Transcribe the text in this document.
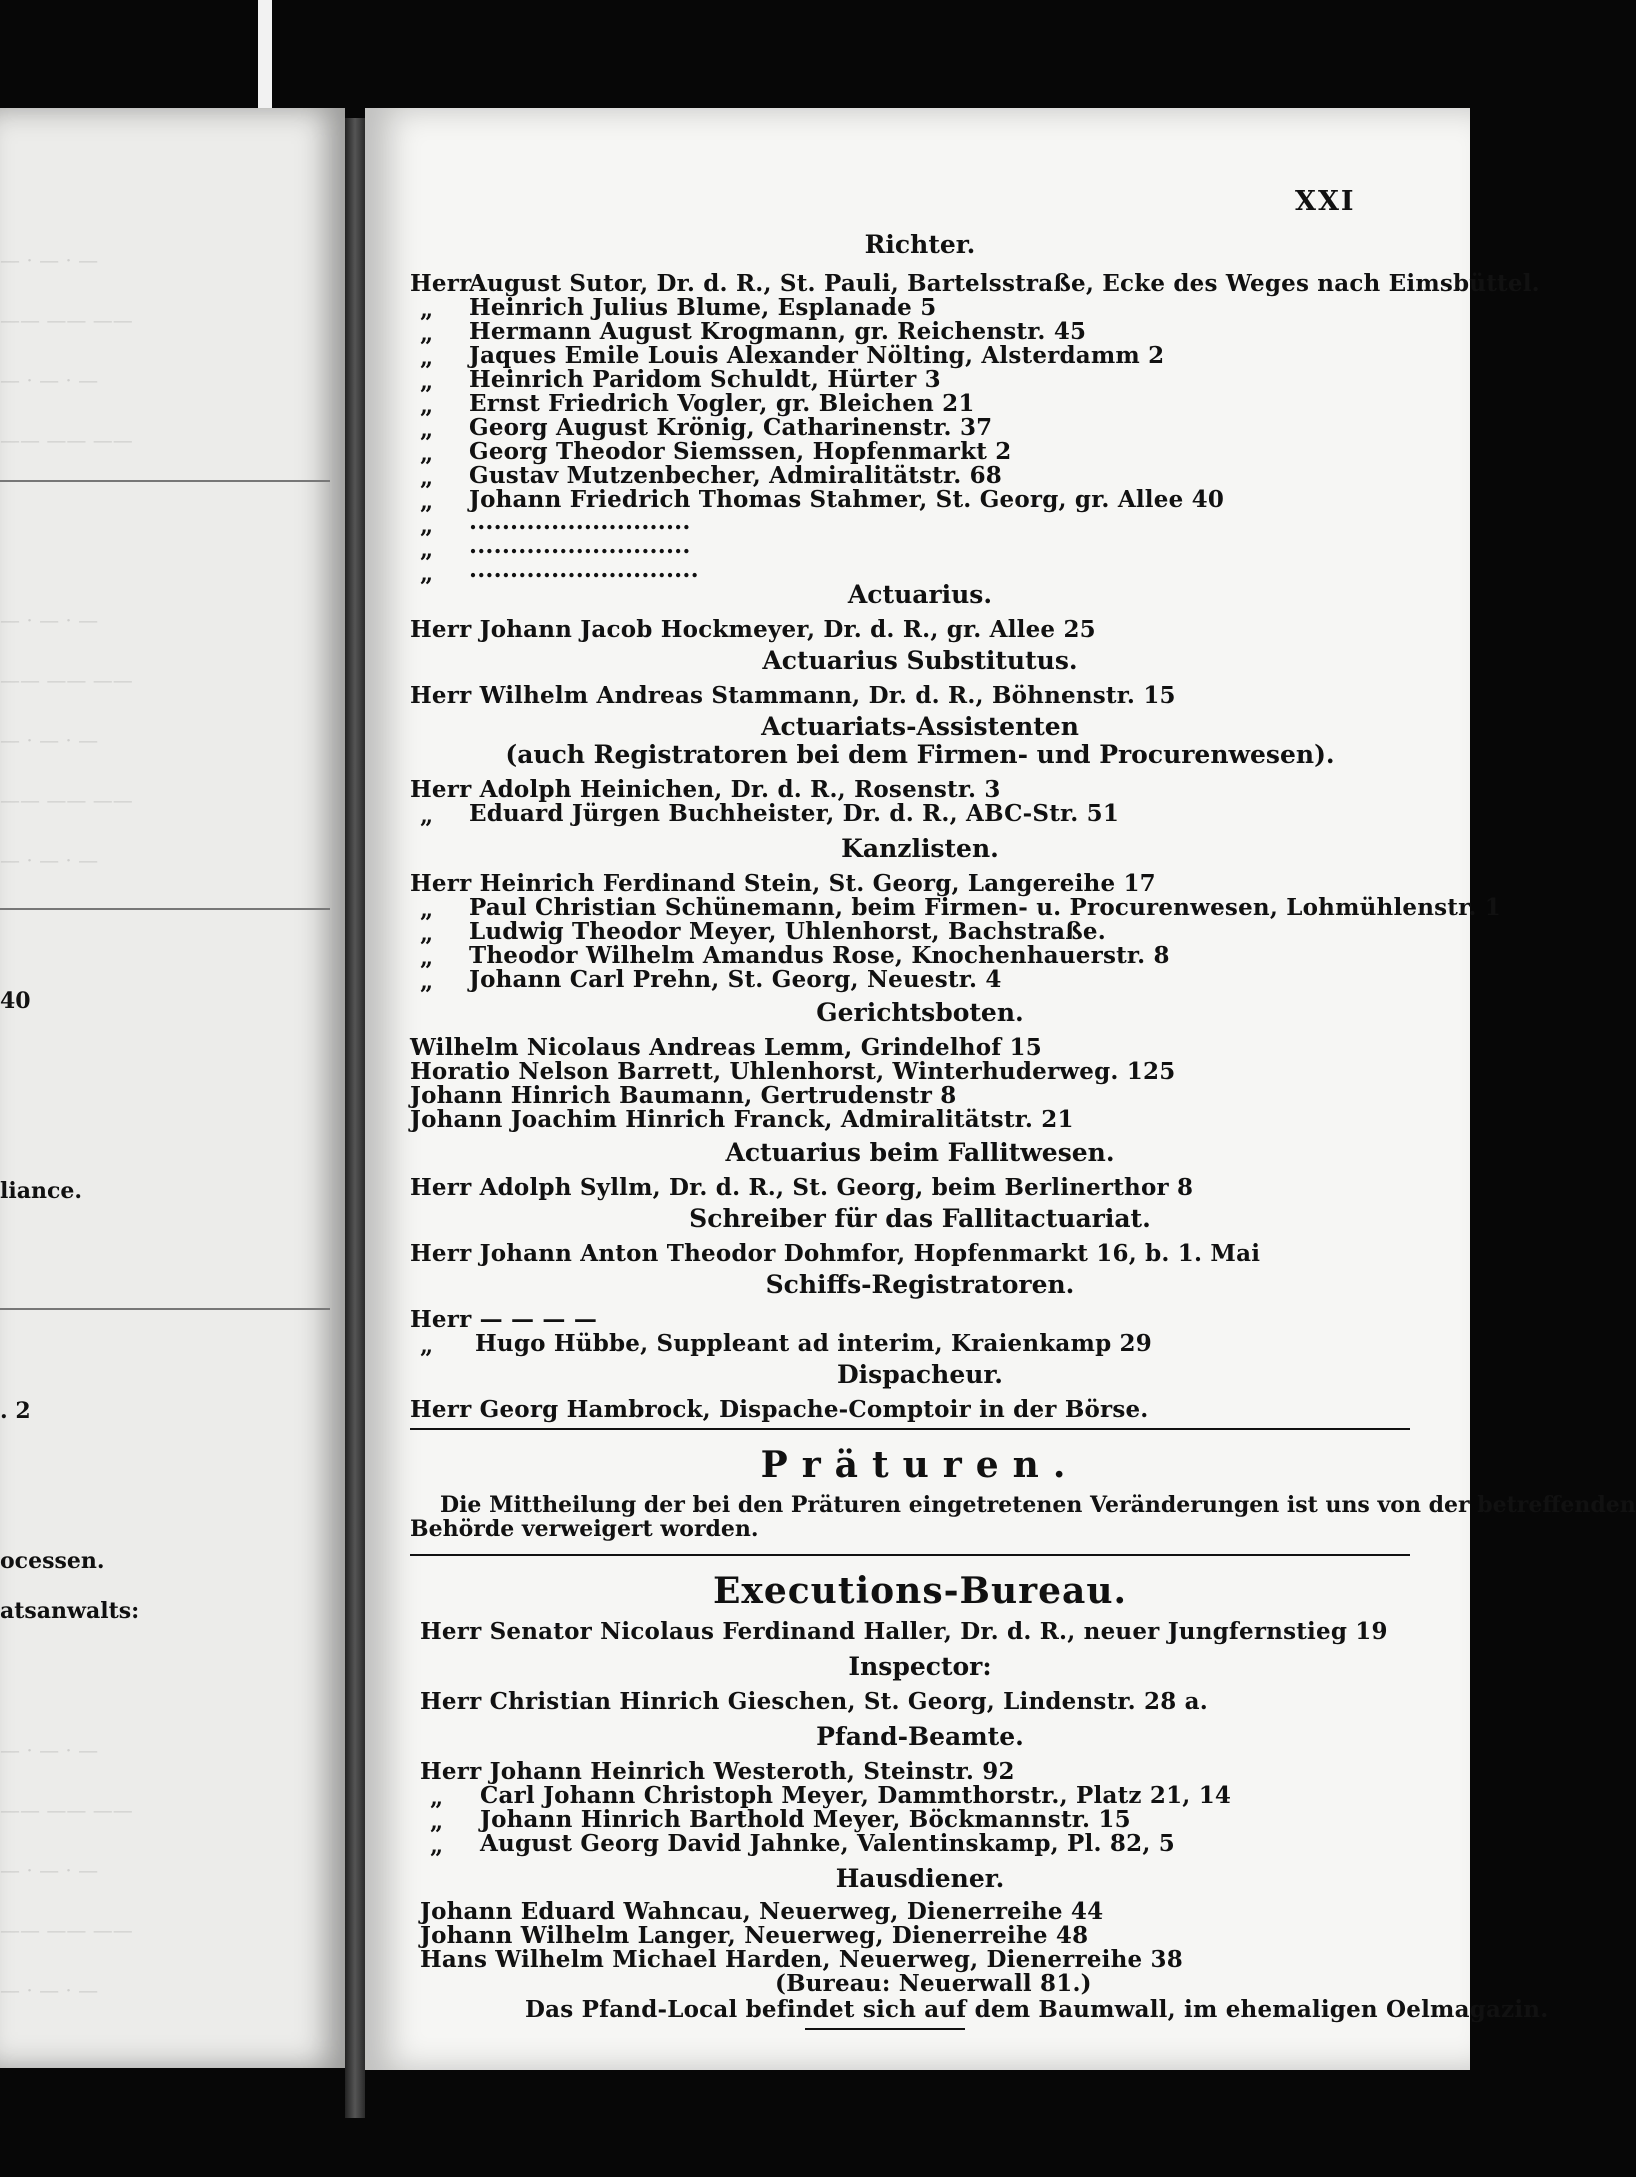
— · — · —
—— —— ——
— · — · —
—— —— ——
— · — · —
—— —— ——
— · — · —
—— —— ——
— · — · —
40
liance.
. 2
ocessen.
atsanwalts:
— · — · —
—— —— ——
— · — · —
—— —— ——
— · — · —
XXI
Richter.
Herr
August Sutor, Dr. d. R., St. Pauli, Bartelsstraße, Ecke des Weges nach Eimsbüttel.
Heinrich Julius Blume, Esplanade 5
Hermann August Krogmann, gr. Reichenstr. 45
Jaques Emile Louis Alexander Nölting, Alsterdamm 2
Heinrich Paridom Schuldt, Hürter 3
Ernst Friedrich Vogler, gr. Bleichen 21
Georg August Krönig, Catharinenstr. 37
Georg Theodor Siemssen, Hopfenmarkt 2
Gustav Mutzenbecher, Admiralitätstr. 68
Johann Friedrich Thomas Stahmer, St. Georg, gr. Allee 40
„
„
„
„
„
„
„
„
„
„
„
„
...........................
...........................
............................
Actuarius.
Herr Johann Jacob Hockmeyer, Dr. d. R., gr. Allee 25
Actuarius Substitutus.
Herr Wilhelm Andreas Stammann, Dr. d. R., Böhnenstr. 15
Actuariats-Assistenten
(auch Registratoren bei dem Firmen- und Procurenwesen).
Herr Adolph Heinichen, Dr. d. R., Rosenstr. 3
„ Eduard Jürgen Buchheister, Dr. d. R., ABC-Str. 51
Kanzlisten.
Herr Heinrich Ferdinand Stein, St. Georg, Langereihe 17
„ Paul Christian Schünemann, beim Firmen- u. Procurenwesen, Lohmühlenstr. 1
„ Ludwig Theodor Meyer, Uhlenhorst, Bachstraße.
„ Theodor Wilhelm Amandus Rose, Knochenhauerstr. 8
„ Johann Carl Prehn, St. Georg, Neuestr. 4
Gerichtsboten.
Wilhelm Nicolaus Andreas Lemm, Grindelhof 15
Horatio Nelson Barrett, Uhlenhorst, Winterhuderweg. 125
Johann Hinrich Baumann, Gertrudenstr 8
Johann Joachim Hinrich Franck, Admiralitätstr. 21
Actuarius beim Fallitwesen.
Herr Adolph Syllm, Dr. d. R., St. Georg, beim Berlinerthor 8
Schreiber für das Fallitactuariat.
Herr Johann Anton Theodor Dohmfor, Hopfenmarkt 16, b. 1. Mai
Schiffs-Registratoren.
Herr — — — —
„ Hugo Hübbe, Suppleant ad interim, Kraienkamp 29
Dispacheur.
Herr Georg Hambrock, Dispache-Comptoir in der Börse.
Präturen.
Die Mittheilung der bei den Präturen eingetretenen Veränderungen ist uns von der betreffenden
Behörde verweigert worden.
Executions-Bureau.
Herr Senator Nicolaus Ferdinand Haller, Dr. d. R., neuer Jungfernstieg 19
Inspector:
Herr Christian Hinrich Gieschen, St. Georg, Lindenstr. 28 a.
Pfand-Beamte.
Herr Johann Heinrich Westeroth, Steinstr. 92
„ Carl Johann Christoph Meyer, Dammthorstr., Platz 21, 14
„ Johann Hinrich Barthold Meyer, Böckmannstr. 15
„ August Georg David Jahnke, Valentinskamp, Pl. 82, 5
Hausdiener.
Johann Eduard Wahncau, Neuerweg, Dienerreihe 44
Johann Wilhelm Langer, Neuerweg, Dienerreihe 48
Hans Wilhelm Michael Harden, Neuerweg, Dienerreihe 38
(Bureau: Neuerwall 81.)
Das Pfand-Local befindet sich auf dem Baumwall, im ehemaligen Oelmagazin.
